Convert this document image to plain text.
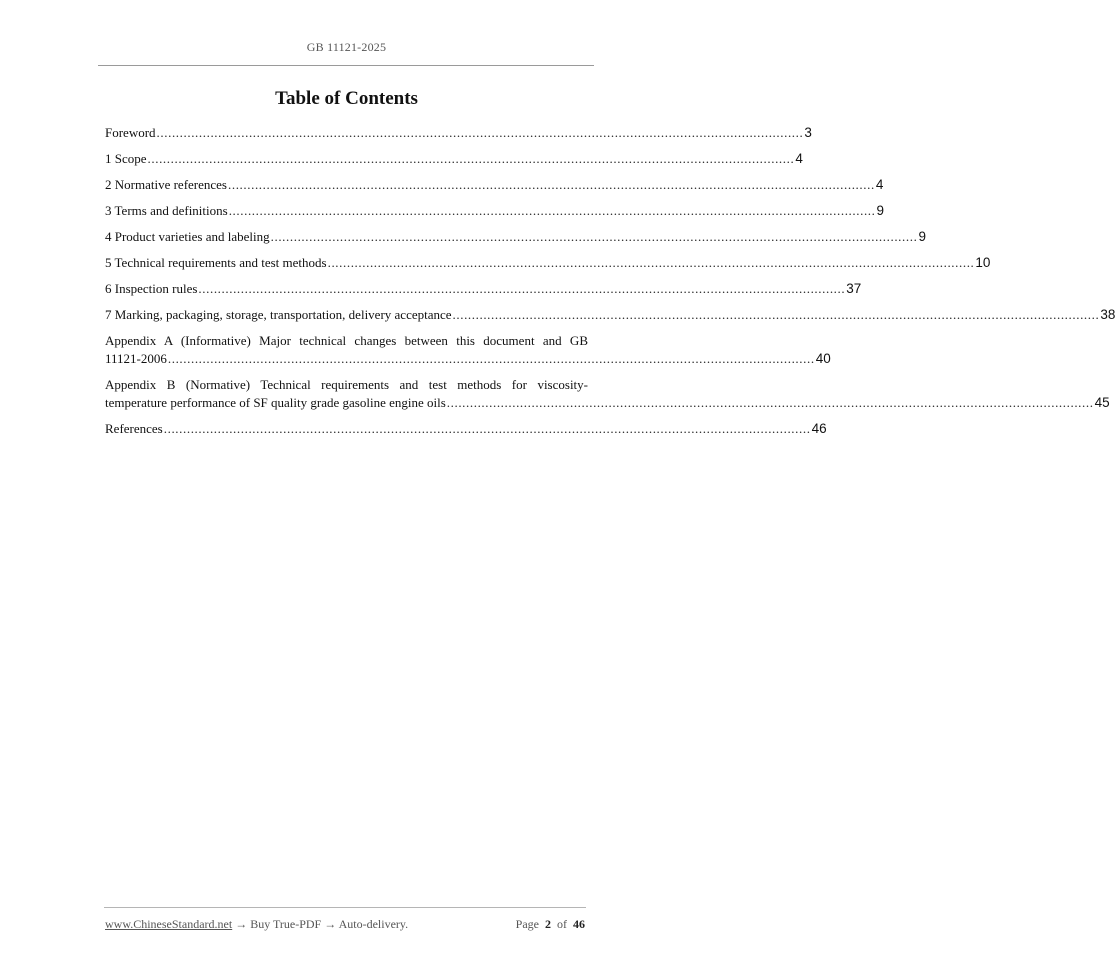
GB 11121-2025
Table of Contents
Foreword ........................................................................................................................................................................ 3
1 Scope ........................................................................................................................................................................ 4
2 Normative references ........................................................................................................................................................................ 4
3 Terms and definitions ........................................................................................................................................................................ 9
4 Product varieties and labeling ........................................................................................................................................................................ 9
5 Technical requirements and test methods ........................................................................................................................................................................ 10
6 Inspection rules ........................................................................................................................................................................ 37
7 Marking, packaging, storage, transportation, delivery acceptance ........................................................................................................................................................................ 38
Appendix A (Informative) Major technical changes between this document and GB
11121-2006 ........................................................................................................................................................................ 40
Appendix B (Normative) Technical requirements and test methods for viscosity-
temperature performance of SF quality grade gasoline engine oils ........................................................................................................................................................................ 45
References ........................................................................................................................................................................ 46
www.ChineseStandard.net → Buy True-PDF → Auto-delivery.	Page 2 of 46
